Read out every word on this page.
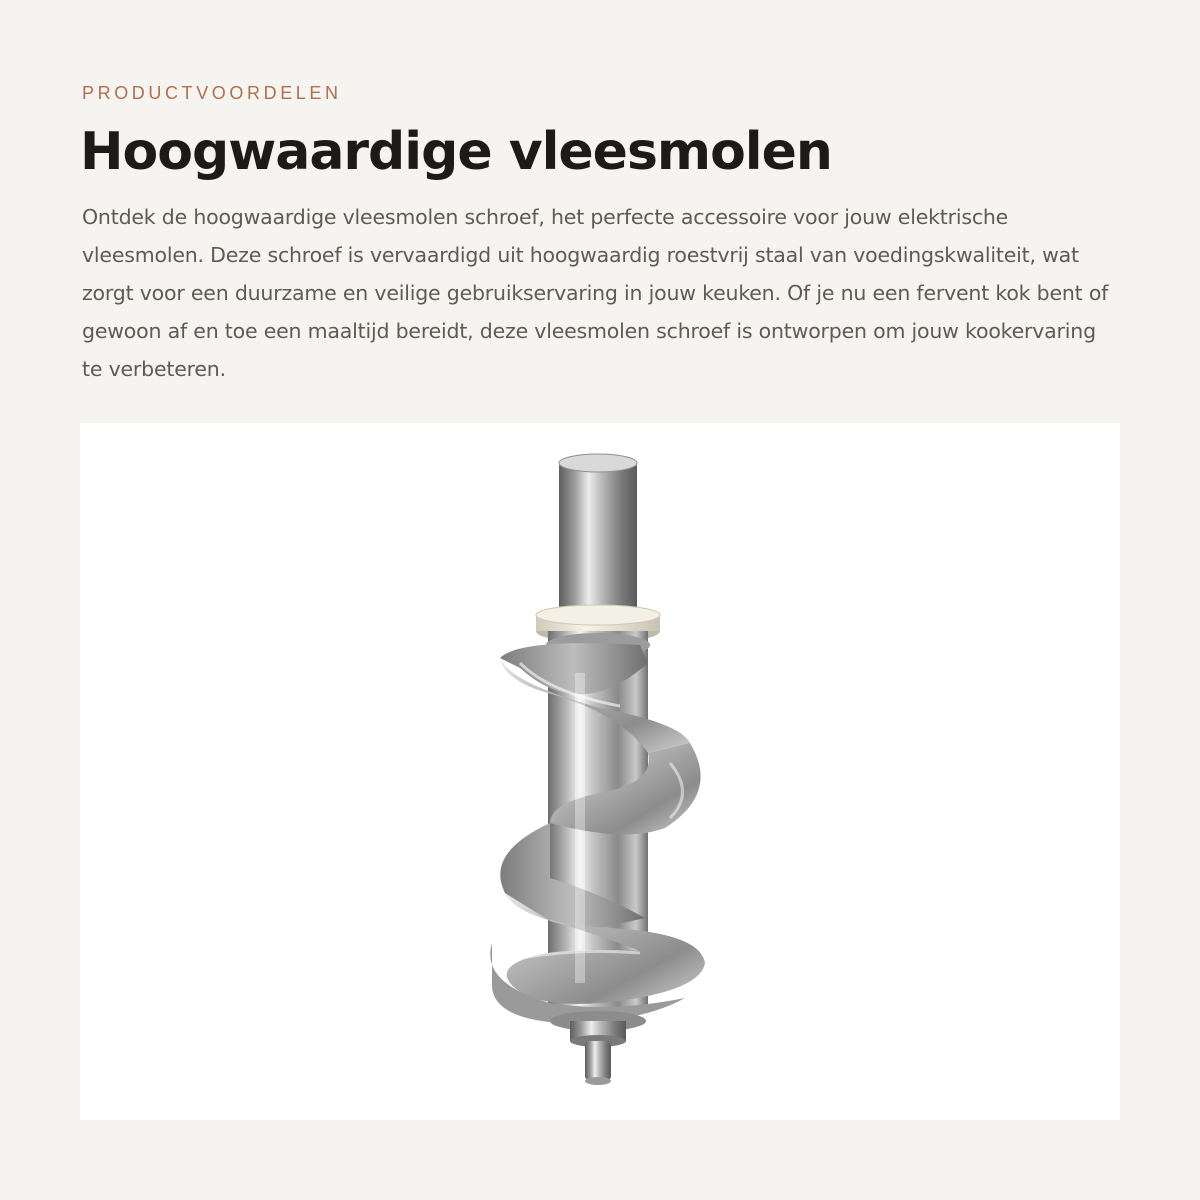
PRODUCTVOORDELEN

Hoogwaardige vleesmolen

Ontdek de hoogwaardige vleesmolen schroef, het perfecte accessoire voor jouw elektrische vleesmolen. Deze schroef is vervaardigd uit hoogwaardig roestvrij staal van voedingskwaliteit, wat zorgt voor een duurzame en veilige gebruikservaring in jouw keuken. Of je nu een fervent kok bent of gewoon af en toe een maaltijd bereidt, deze vleesmolen schroef is ontworpen om jouw kookervaring te verbeteren.
